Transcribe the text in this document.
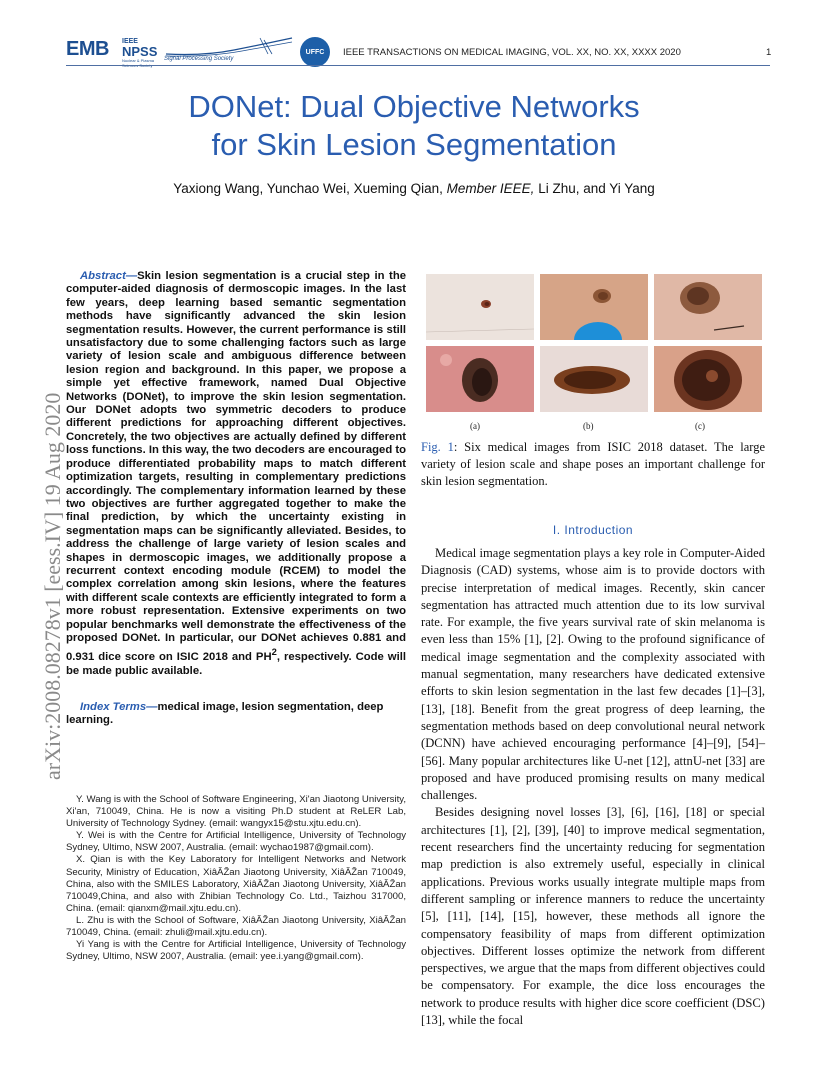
EMB IEEE
NPSS
Nuclear & Plasma	Signal Processing Society
UFFC	IEEE TRANSACTIONS ON MEDICAL IMAGING, VOL. XX, NO. XX, XXXX 2020	1
DONet: Dual Objective Networks
for Skin Lesion Segmentation
Yaxiong Wang, Yunchao Wei, Xueming Qian, Member IEEE, Li Zhu, and Yi Yang
arXiv:2008.08278v1 [eess.IV] 19 Aug 2020
Abstract—Skin lesion segmentation is a crucial step in the computer-aided diagnosis of dermoscopic images. In the last few years, deep learning based semantic segmentation methods have significantly advanced the skin lesion segmentation results. However, the current performance is still unsatisfactory due to some challenging factors such as large variety of lesion scale and ambiguous difference between lesion region and background. In this paper, we propose a simple yet effective framework, named Dual Objective Networks (DONet), to improve the skin lesion segmentation. Our DONet adopts two symmetric decoders to produce different predictions for approaching different objectives. Concretely, the two objectives are actually defined by different loss functions. In this way, the two decoders are encouraged to produce differentiated probability maps to match different optimization targets, resulting in complementary predictions accordingly. The complementary information learned by these two objectives are further aggregated together to make the final prediction, by which the uncertainty existing in segmentation maps can be significantly alleviated. Besides, to address the challenge of large variety of lesion scales and shapes in dermoscopic images, we additionally propose a recurrent context encoding module (RCEM) to model the complex correlation among skin lesions, where the features with different scale contexts are efficiently integrated to form a more robust representation. Extensive experiments on two popular benchmarks well demonstrate the effectiveness of the proposed DONet. In particular, our DONet achieves 0.881 and 0.931 dice score on ISIC 2018 and $PH^2$, respectively. Code will be made public available.
Index Terms—medical image, lesion segmentation, deep learning.

Y. Wang is with the School of Software Engineering, Xi'an Jiaotong University, Xi'an, 710049, China. He is now a visiting Ph.D student at ReLER Lab, University of Technology Sydney. (email: wangyx15@stu.xjtu.edu.cn).

Y. Wei is with the Centre for Artificial Intelligence, University of Technology Sydney, Ultimo, NSW 2007, Australia. (email: wychao1987@gmail.com).

X. Qian is with the Key Laboratory for Intelligent Networks and Network Security, Ministry of Education, XiâĂŽan Jiaotong University, XiâĂŽan 710049, China, also with the SMILES Laboratory, XiâĂŽan Jiaotong University, XiâĂŽan 710049,China, and also with Zhibian Technology Co. Ltd., Taizhou 317000, China. (email: qianxm@mail.xjtu.edu.cn).

L. Zhu is with the School of Software, XiâĂŽan Jiaotong University, XiâĂŽan 710049, China. (email: zhuli@mail.xjtu.edu.cn).

Yi Yang is with the Centre for Artificial Intelligence, University of Technology Sydney, Ultimo, NSW 2007, Australia. (email: yee.i.yang@gmail.com).

(a)	(b)	(c)
Fig. 1: Six medical images from ISIC 2018 dataset. The large variety of lesion scale and shape poses an important challenge for skin lesion segmentation.
I. Introduction

Medical image segmentation plays a key role in Computer-Aided Diagnosis (CAD) systems, whose aim is to provide doctors with precise interpretation of medical images. Recently, skin cancer segmentation has attracted much attention due to its low survival rate. For example, the five years survival rate of skin melanoma is even less than 15% [1], [2]. Owing to the profound significance of medical image segmentation and the complexity associated with manual segmentation, many researchers have dedicated extensive efforts to skin lesion segmentation in the last few decades [1]–[3], [13], [18]. Benefit from the great progress of deep learning, the segmentation methods based on deep convolutional neural network (DCNN) have achieved encouraging performance [4]–[9], [54]–[56]. Many popular architectures like U-net [12], attnU-net [33] are proposed and have produced promising results on many medical challenges.

Besides designing novel losses [3], [6], [16], [18] or special architectures [1], [2], [39], [40] to improve medical segmentation, recent researchers find the uncertainty reducing for segmentation map prediction is also extremely useful, especially in clinical applications. Previous works usually integrate multiple maps from different sampling or inference manners to reduce the uncertainty [5], [11], [14], [15], however, these methods all ignore the compensatory feasibility of maps from different optimization objectives. Different losses optimize the network from different perspectives, we argue that the maps from different objectives could be compensatory. For example, the dice loss encourages the network to produce results with higher dice score coefficient (DSC) [13], while the focal
